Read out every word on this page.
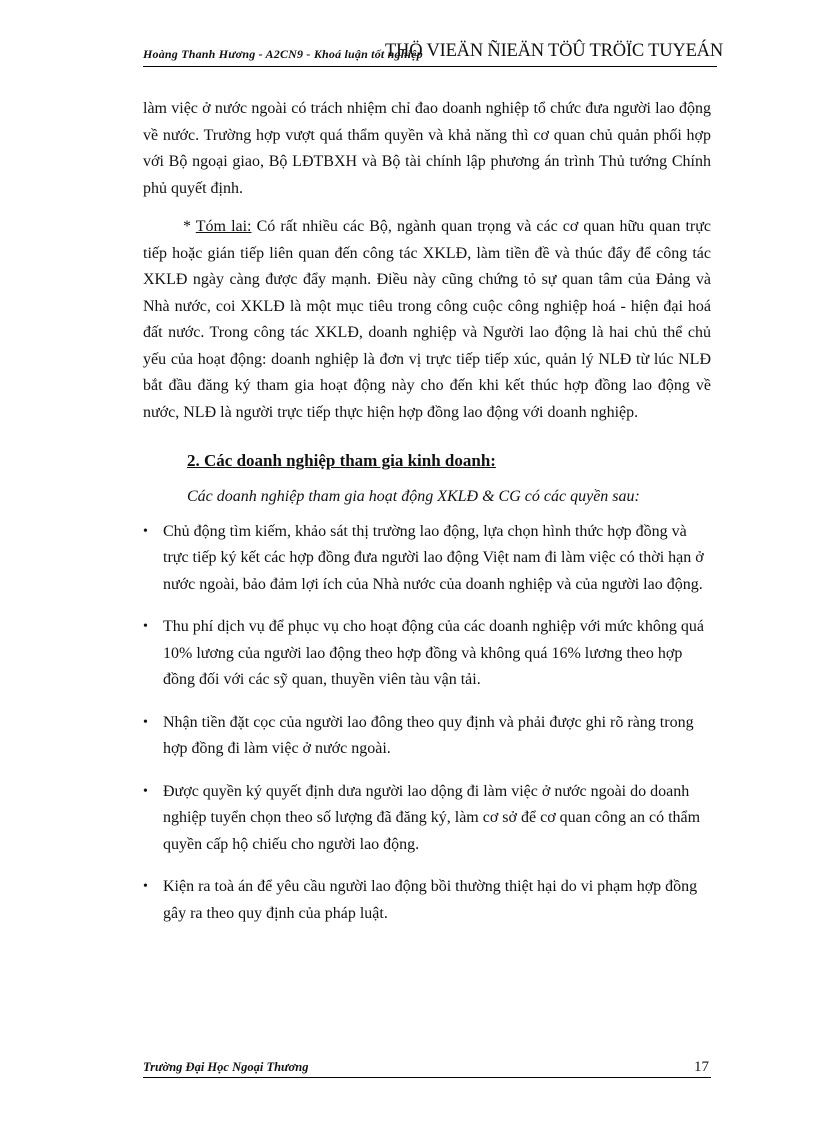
Hoàng Thanh Hương - A2CN9 - Khoá luận tốt nghiệp
THÖ VIEÄN ÑIEÄN TÖÛ TRÖÏC TUYEÁN

làm việc ở nước ngoài có trách nhiệm chỉ đao doanh nghiệp tổ chức đưa người lao động về nước. Trường hợp vượt quá thẩm quyền và khả năng thì cơ quan chủ quản phối hợp với Bộ ngoại giao, Bộ LĐTBXH và Bộ tài chính lập phương án trình Thủ tướng Chính phủ quyết định.

* Tóm lai: Có rất nhiều các Bộ, ngành quan trọng và các cơ quan hữu quan trực tiếp hoặc gián tiếp liên quan đến công tác XKLĐ, làm tiền đề và thúc đẩy để công tác XKLĐ ngày càng được đẩy mạnh. Điều này cũng chứng tỏ sự quan tâm của Đảng và Nhà nước, coi XKLĐ là một mục tiêu trong công cuộc công nghiệp hoá - hiện đại hoá đất nước. Trong công tác XKLĐ, doanh nghiệp và Người lao động là hai chủ thể chủ yếu của hoạt động: doanh nghiệp là đơn vị trực tiếp tiếp xúc, quản lý NLĐ từ lúc NLĐ bắt đầu đăng ký tham gia hoạt động này cho đến khi kết thúc hợp đồng lao động về nước, NLĐ là người trực tiếp thực hiện hợp đồng lao động với doanh nghiệp.

2. Các doanh nghiệp tham gia kinh doanh:

Các doanh nghiệp tham gia hoạt động XKLĐ & CG có các quyền sau:

• Chủ động tìm kiếm, khảo sát thị trường lao động, lựa chọn hình thức hợp đồng và trực tiếp ký kết các hợp đồng đưa người lao động Việt nam đi làm việc có thời hạn ở nước ngoài, bảo đảm lợi ích của Nhà nước của doanh nghiệp và của người lao động.
• Thu phí dịch vụ để phục vụ cho hoạt động của các doanh nghiệp với mức không quá 10% lương của người lao động theo hợp đồng và không quá 16% lương theo hợp đồng đối với các sỹ quan, thuyền viên tàu vận tải.
• Nhận tiền đặt cọc của người lao đông theo quy định và phải được ghi rõ ràng trong hợp đồng đi làm việc ở nước ngoài.
• Được quyền ký quyết định dưa người lao dộng đi làm việc ở nước ngoài do doanh nghiệp tuyển chọn theo số lượng đã đăng ký, làm cơ sở để cơ quan công an có thẩm quyền cấp hộ chiếu cho người lao động.
• Kiện ra toà án để yêu cầu người lao động bồi thường thiệt hại do vi phạm hợp đồng gây ra theo quy định của pháp luật.
Trường Đại Học Ngoại Thương	17
